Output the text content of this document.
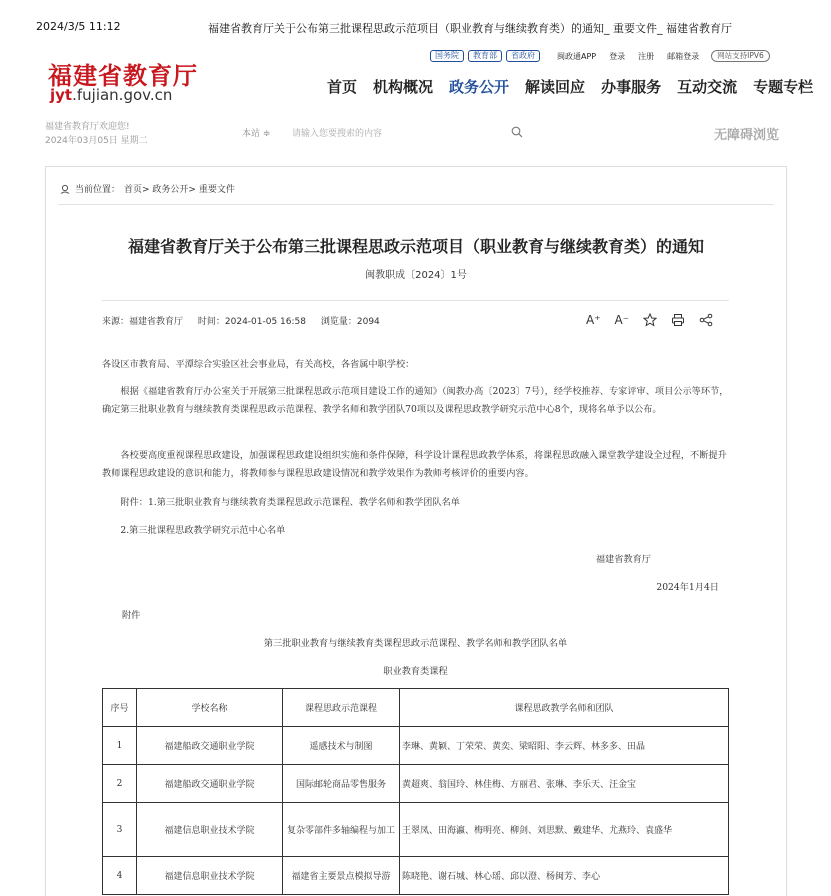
2024/3/5 11:12	福建省教育厅关于公布第三批课程思政示范项目（职业教育与继续教育类）的通知_ 重要文件_ 福建省教育厅
国务院	教育部	省政府	闽政通APP 登录 注册 邮箱登录	网站支持IPV6
福建省教育厅
jyt.fujian.gov.cn	首页 机构概况 政务公开 解读回应 办事服务 互动交流 专题专栏
福建省教育厅欢迎您!
2024年03月05日 星期二
本站 ≑ 请输入您要搜索的内容	无障碍浏览
当前位置： 首页> 政务公开> 重要文件
福建省教育厅关于公布第三批课程思政示范项目（职业教育与继续教育类）的通知
闽教职成〔2024〕1号
来源：福建省教育厅 时间：2024-01-05 16:58 浏览量：2094	A⁺ A⁻
各设区市教育局、平潭综合实验区社会事业局，有关高校，各省属中职学校：
根据《福建省教育厅办公室关于开展第三批课程思政示范项目建设工作的通知》（闽教办高〔2023〕7号），经学校推荐、专家评审、项目公示等环节，确定第三批职业教育与继续教育类课程思政示范课程、教学名师和教学团队70项以及课程思政教学研究示范中心8个，现将名单予以公布。
各校要高度重视课程思政建设，加强课程思政建设组织实施和条件保障，科学设计课程思政教学体系，将课程思政融入课堂教学建设全过程，不断提升教师课程思政建设的意识和能力，将教师参与课程思政建设情况和教学效果作为教师考核评价的重要内容。
附件：1.第三批职业教育与继续教育类课程思政示范课程、教学名师和教学团队名单
2.第三批课程思政教学研究示范中心名单
福建省教育厅
2024年1月4日
附件
第三批职业教育与继续教育类课程思政示范课程、教学名师和教学团队名单
职业教育类课程
序号	学校名称	课程思政示范课程	课程思政教学名师和团队
1	福建船政交通职业学院	遥感技术与制图	李琳、黄颖、丁荣荣、黄奕、梁昭阳、李云辉、林多多、田晶
2	福建船政交通职业学院	国际邮轮商品零售服务	黄超爽、翁国玲、林佳梅、方丽君、张琳、李乐天、汪金宝
3	福建信息职业技术学院	复杂零部件多轴编程与加工	王翠凤、田海瀛、梅明亮、柳剑、刘思默、戴建华、尤燕玲、袁盛华
4	福建信息职业技术学院	福建省主要景点模拟导游	陈晓艳、谢石城、林心瑶、邱以澄、杨闽芳、李心
